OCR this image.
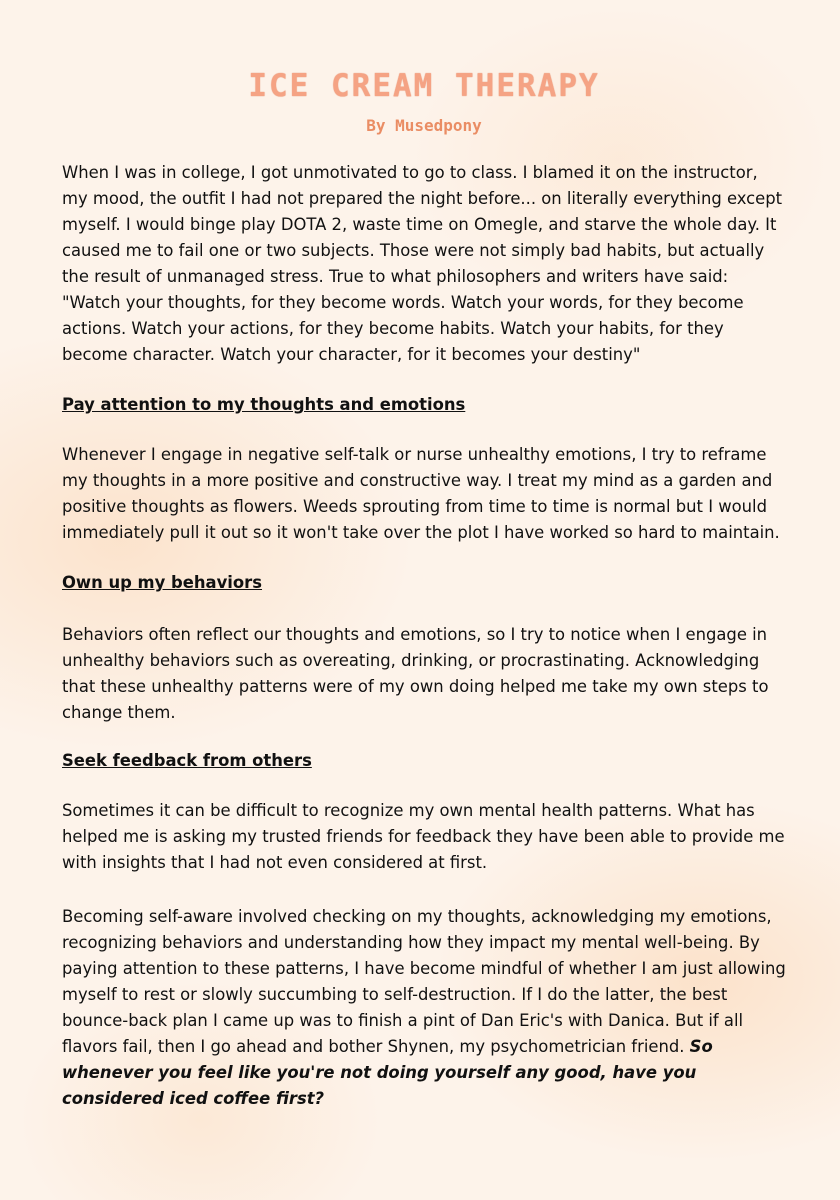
ICE CREAM THERAPY
By Musedpony

When I was in college, I got unmotivated to go to class. I blamed it on the instructor, my mood, the outfit I had not prepared the night before... on literally everything except myself. I would binge play DOTA 2, waste time on Omegle, and starve the whole day. It caused me to fail one or two subjects. Those were not simply bad habits, but actually the result of unmanaged stress. True to what philosophers and writers have said: "Watch your thoughts, for they become words. Watch your words, for they become actions. Watch your actions, for they become habits. Watch your habits, for they become character. Watch your character, for it becomes your destiny"

Pay attention to my thoughts and emotions

Whenever I engage in negative self-talk or nurse unhealthy emotions, I try to reframe my thoughts in a more positive and constructive way. I treat my mind as a garden and positive thoughts as flowers. Weeds sprouting from time to time is normal but I would immediately pull it out so it won't take over the plot I have worked so hard to maintain.

Own up my behaviors

Behaviors often reflect our thoughts and emotions, so I try to notice when I engage in unhealthy behaviors such as overeating, drinking, or procrastinating. Acknowledging that these unhealthy patterns were of my own doing helped me take my own steps to change them.

Seek feedback from others

Sometimes it can be difficult to recognize my own mental health patterns. What has helped me is asking my trusted friends for feedback they have been able to provide me with insights that I had not even considered at first.

Becoming self-aware involved checking on my thoughts, acknowledging my emotions, recognizing behaviors and understanding how they impact my mental well-being. By paying attention to these patterns, I have become mindful of whether I am just allowing myself to rest or slowly succumbing to self-destruction. If I do the latter, the best bounce-back plan I came up was to finish a pint of Dan Eric's with Danica. But if all flavors fail, then I go ahead and bother Shynen, my psychometrician friend. So whenever you feel like you're not doing yourself any good, have you considered iced coffee first?
